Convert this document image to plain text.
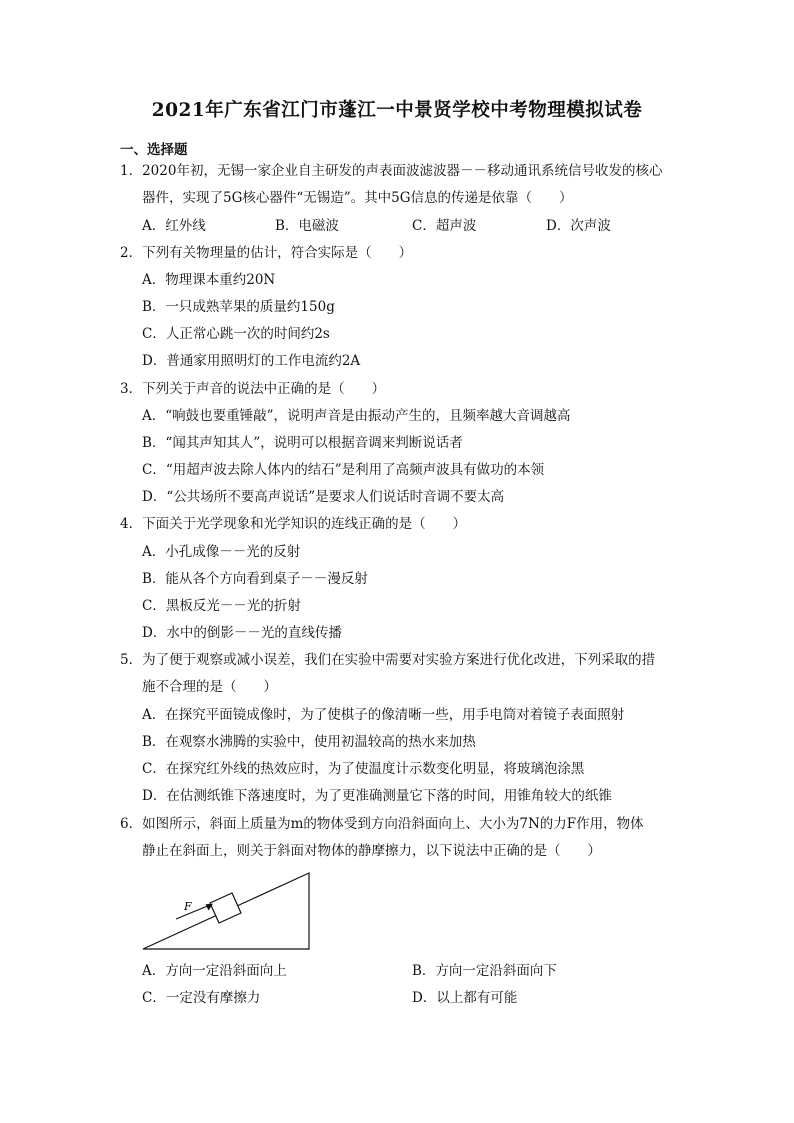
2021年广东省江门市蓬江一中景贤学校中考物理模拟试卷
一、选择题
1．2020年初，无锡一家企业自主研发的声表面波滤波器－－移动通讯系统信号收发的核心
器件，实现了5G核心器件“无锡造”。其中5G信息的传递是依靠（　　）
A．红外线	B．电磁波	C．超声波	D．次声波
2．下列有关物理量的估计，符合实际是（　　）
A．物理课本重约20N
B．一只成熟苹果的质量约150g
C．人正常心跳一次的时间约2s
D．普通家用照明灯的工作电流约2A
3．下列关于声音的说法中正确的是（　　）
A．“响鼓也要重锤敲”，说明声音是由振动产生的，且频率越大音调越高
B．“闻其声知其人”，说明可以根据音调来判断说话者
C．“用超声波去除人体内的结石”是利用了高频声波具有做功的本领
D．“公共场所不要高声说话”是要求人们说话时音调不要太高
4．下面关于光学现象和光学知识的连线正确的是（　　）
A．小孔成像－－光的反射
B．能从各个方向看到桌子－－漫反射
C．黑板反光－－光的折射
D．水中的倒影－－光的直线传播
5．为了便于观察或减小误差，我们在实验中需要对实验方案进行优化改进，下列采取的措
施不合理的是（　　）
A．在探究平面镜成像时，为了使棋子的像清晰一些，用手电筒对着镜子表面照射
B．在观察水沸腾的实验中，使用初温较高的热水来加热
C．在探究红外线的热效应时，为了使温度计示数变化明显，将玻璃泡涂黑
D．在估测纸锥下落速度时，为了更准确测量它下落的时间，用锥角较大的纸锥
6．如图所示，斜面上质量为m的物体受到方向沿斜面向上、大小为7N的力F作用，物体
静止在斜面上，则关于斜面对物体的静摩擦力，以下说法中正确的是（　　）
F
A．方向一定沿斜面向上	B．方向一定沿斜面向下
C．一定没有摩擦力	D．以上都有可能
